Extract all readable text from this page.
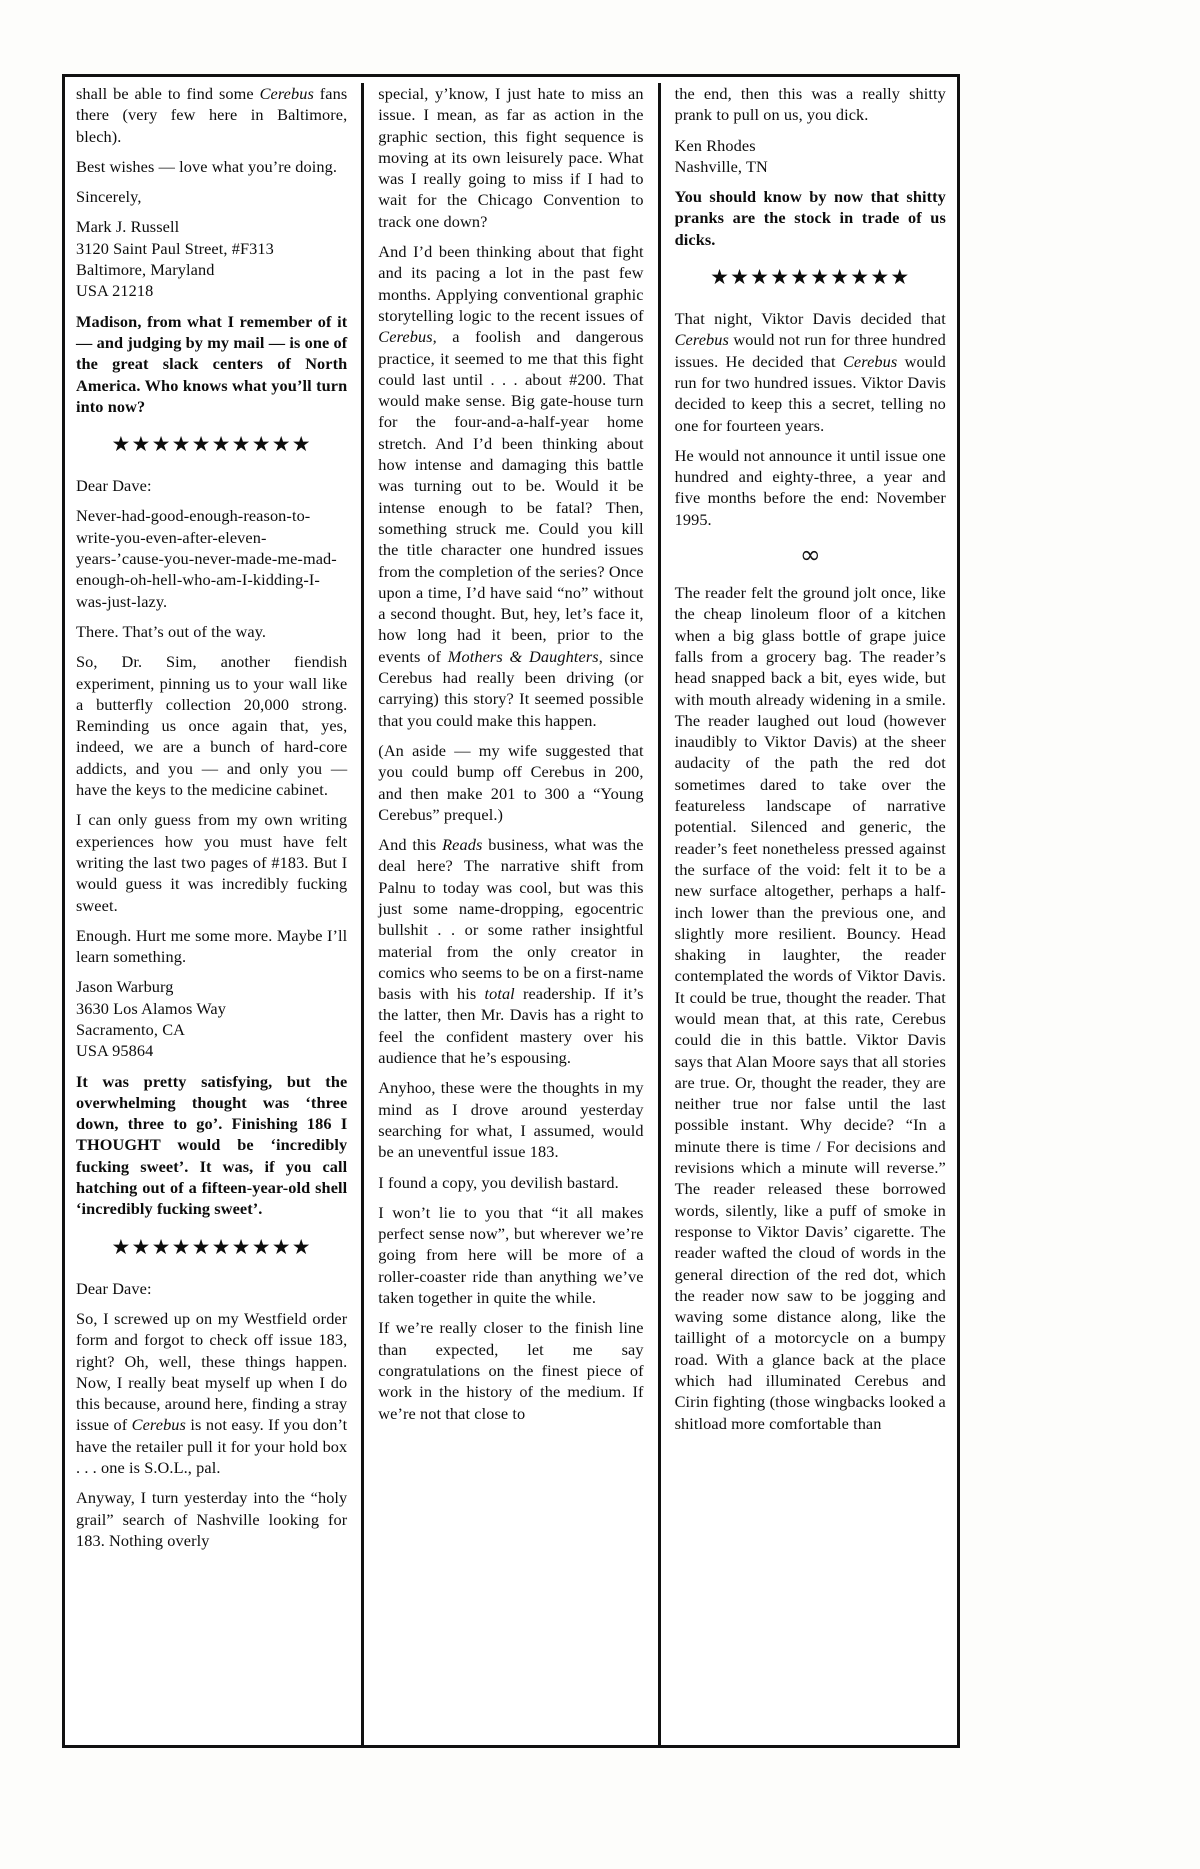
shall be able to find some Cerebus fans there (very few here in Baltimore, blech).

Best wishes — love what you’re doing.

Sincerely,

Mark J. Russell
3120 Saint Paul Street, #F313
Baltimore, Maryland
USA 21218

Madison, from what I remember of it — and judging by my mail — is one of the great slack centers of North America. Who knows what you’ll turn into now?

★★★★★★★★★★

Dear Dave:

Never-had-good-enough-reason-to-write-you-even-after-eleven-years-’cause-you-never-made-me-mad-enough-oh-hell-who-am-I-kidding-I-was-just-lazy.

There. That’s out of the way.

So, Dr. Sim, another fiendish experiment, pinning us to your wall like a butterfly collection 20,000 strong. Reminding us once again that, yes, indeed, we are a bunch of hard-core addicts, and you — and only you — have the keys to the medicine cabinet.

I can only guess from my own writing experiences how you must have felt writing the last two pages of #183. But I would guess it was incredibly fucking sweet.

Enough. Hurt me some more. Maybe I’ll learn something.

Jason Warburg
3630 Los Alamos Way
Sacramento, CA
USA 95864

It was pretty satisfying, but the overwhelming thought was ‘three down, three to go’. Finishing 186 I THOUGHT would be ‘incredibly fucking sweet’. It was, if you call hatching out of a fifteen-year-old shell ‘incredibly fucking sweet’.

★★★★★★★★★★

Dear Dave:

So, I screwed up on my Westfield order form and forgot to check off issue 183, right? Oh, well, these things happen. Now, I really beat myself up when I do this because, around here, finding a stray issue of Cerebus is not easy. If you don’t have the retailer pull it for your hold box . . . one is S.O.L., pal.

Anyway, I turn yesterday into the “holy grail” search of Nashville looking for 183. Nothing overly

special, y’know, I just hate to miss an issue. I mean, as far as action in the graphic section, this fight sequence is moving at its own leisurely pace. What was I really going to miss if I had to wait for the Chicago Convention to track one down?

And I’d been thinking about that fight and its pacing a lot in the past few months. Applying conventional graphic storytelling logic to the recent issues of Cerebus, a foolish and dangerous practice, it seemed to me that this fight could last until . . . about #200. That would make sense. Big gate-house turn for the four-and-a-half-year home stretch. And I’d been thinking about how intense and damaging this battle was turning out to be. Would it be intense enough to be fatal? Then, something struck me. Could you kill the title character one hundred issues from the completion of the series? Once upon a time, I’d have said “no” without a second thought. But, hey, let’s face it, how long had it been, prior to the events of Mothers & Daughters, since Cerebus had really been driving (or carrying) this story? It seemed possible that you could make this happen.

(An aside — my wife suggested that you could bump off Cerebus in 200, and then make 201 to 300 a “Young Cerebus” prequel.)

And this Reads business, what was the deal here? The narrative shift from Palnu to today was cool, but was this just some name-dropping, egocentric bullshit . . or some rather insightful material from the only creator in comics who seems to be on a first-name basis with his total readership. If it’s the latter, then Mr. Davis has a right to feel the confident mastery over his audience that he’s espousing.

Anyhoo, these were the thoughts in my mind as I drove around yesterday searching for what, I assumed, would be an uneventful issue 183.

I found a copy, you devilish bastard.

I won’t lie to you that “it all makes perfect sense now”, but wherever we’re going from here will be more of a roller-coaster ride than anything we’ve taken together in quite the while.

If we’re really closer to the finish line than expected, let me say congratulations on the finest piece of work in the history of the medium. If we’re not that close to

the end, then this was a really shitty prank to pull on us, you dick.

Ken Rhodes
Nashville, TN

You should know by now that shitty pranks are the stock in trade of us dicks.

★★★★★★★★★★

That night, Viktor Davis decided that Cerebus would not run for three hundred issues. He decided that Cerebus would run for two hundred issues. Viktor Davis decided to keep this a secret, telling no one for fourteen years.

He would not announce it until issue one hundred and eighty-three, a year and five months before the end: November 1995.

∞

The reader felt the ground jolt once, like the cheap linoleum floor of a kitchen when a big glass bottle of grape juice falls from a grocery bag. The reader’s head snapped back a bit, eyes wide, but with mouth already widening in a smile. The reader laughed out loud (however inaudibly to Viktor Davis) at the sheer audacity of the path the red dot sometimes dared to take over the featureless landscape of narrative potential. Silenced and generic, the reader’s feet nonetheless pressed against the surface of the void: felt it to be a new surface altogether, perhaps a half-inch lower than the previous one, and slightly more resilient. Bouncy. Head shaking in laughter, the reader contemplated the words of Viktor Davis. It could be true, thought the reader. That would mean that, at this rate, Cerebus could die in this battle. Viktor Davis says that Alan Moore says that all stories are true. Or, thought the reader, they are neither true nor false until the last possible instant. Why decide? “In a minute there is time / For decisions and revisions which a minute will reverse.” The reader released these borrowed words, silently, like a puff of smoke in response to Viktor Davis’ cigarette. The reader wafted the cloud of words in the general direction of the red dot, which the reader now saw to be jogging and waving some distance along, like the taillight of a motorcycle on a bumpy road. With a glance back at the place which had illuminated Cerebus and Cirin fighting (those wingbacks looked a shitload more comfortable than
